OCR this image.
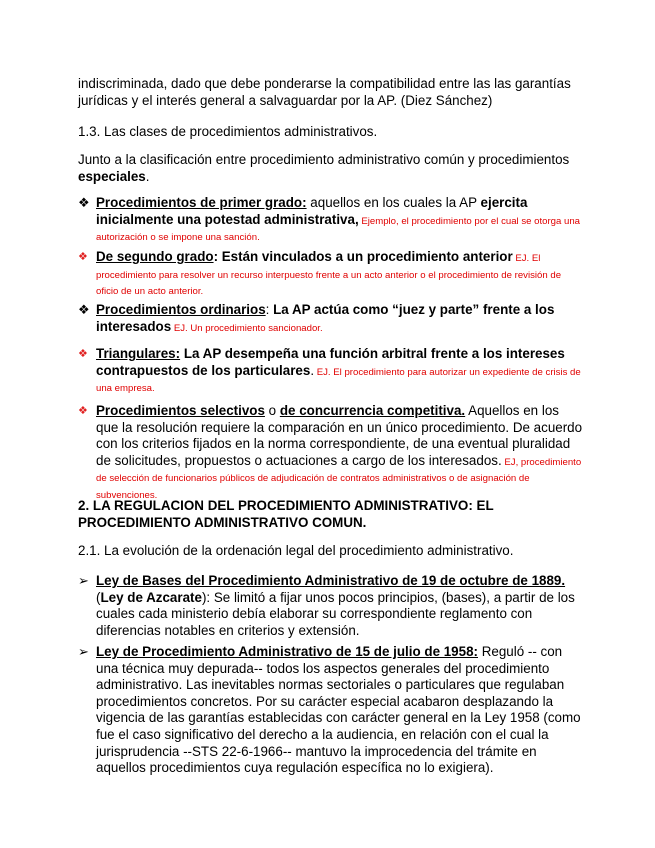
indiscriminada, dado que debe ponderarse la compatibilidad entre las las garantías jurídicas y el interés general a salvaguardar por la AP. (Diez Sánchez)

1.3. Las clases de procedimientos administrativos.

Junto a la clasificación entre procedimiento administrativo común y procedimientos especiales.

❖ Procedimientos de primer grado: aquellos en los cuales la AP ejercita inicialmente una potestad administrativa, Ejemplo, el procedimiento por el cual se otorga una autorización o se impone una sanción.
❖ De segundo grado: Están vinculados a un procedimiento anterior EJ. El procedimiento para resolver un recurso interpuesto frente a un acto anterior o el procedimiento de revisión de oficio de un acto anterior.
❖ Procedimientos ordinarios: La AP actúa como “juez y parte” frente a los interesados EJ. Un procedimiento sancionador.
❖ Triangulares: La AP desempeña una función arbitral frente a los intereses contrapuestos de los particulares. EJ. El procedimiento para autorizar un expediente de crisis de una empresa.
❖ Procedimientos selectivos o de concurrencia competitiva. Aquellos en los que la resolución requiere la comparación en un único procedimiento. De acuerdo con los criterios fijados en la norma correspondiente, de una eventual pluralidad de solicitudes, propuestos o actuaciones a cargo de los interesados. EJ, procedimiento de selección de funcionarios públicos de adjudicación de contratos administrativos o de asignación de subvenciones.

2. LA REGULACION DEL PROCEDIMIENTO ADMINISTRATIVO: EL PROCEDIMIENTO ADMINISTRATIVO COMUN.

2.1. La evolución de la ordenación legal del procedimiento administrativo.

➢ Ley de Bases del Procedimiento Administrativo de 19 de octubre de 1889. (Ley de Azcarate): Se limitó a fijar unos pocos principios, (bases), a partir de los cuales cada ministerio debía elaborar su correspondiente reglamento con diferencias notables en criterios y extensión.
➢ Ley de Procedimiento Administrativo de 15 de julio de 1958: Reguló -- con una técnica muy depurada-- todos los aspectos generales del procedimiento administrativo. Las inevitables normas sectoriales o particulares que regulaban procedimientos concretos. Por su carácter especial acabaron desplazando la vigencia de las garantías establecidas con carácter general en la Ley 1958 (como fue el caso significativo del derecho a la audiencia, en relación con el cual la jurisprudencia --STS 22-6-1966-- mantuvo la improcedencia del trámite en aquellos procedimientos cuya regulación específica no lo exigiera).
